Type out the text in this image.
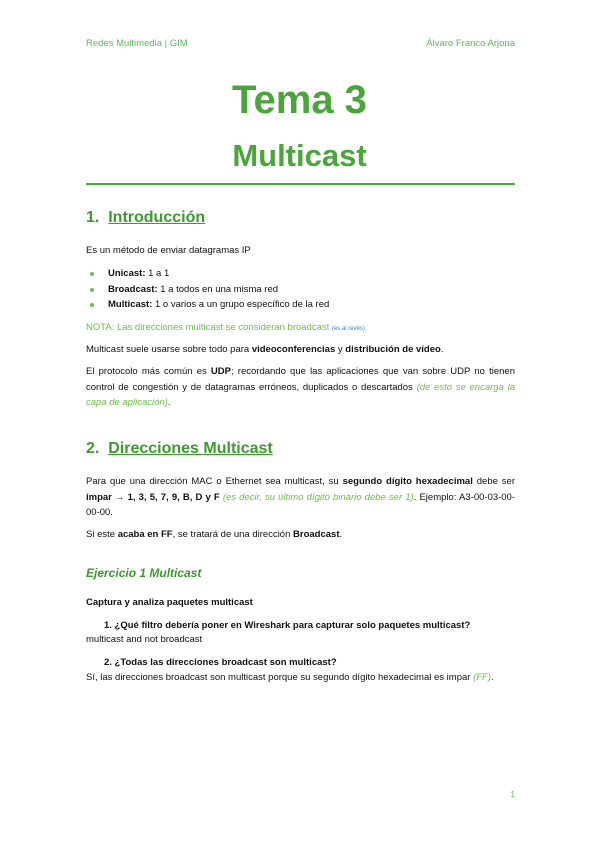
Redes Multimedia | GIM	Álvaro Franco Arjona
Tema 3
Multicast
1. Introducción
Es un método de enviar datagramas IP
Unicast: 1 a 1
Broadcast: 1 a todos en una misma red
Multicast: 1 o varios a un grupo específico de la red
NOTA: Las direcciones multicast se consideran broadcast (es al revés)
Multicast suele usarse sobre todo para videoconferencias y distribución de vídeo.
El protocolo más común es UDP; recordando que las aplicaciones que van sobre UDP no tienen control de congestión y de datagramas erróneos, duplicados o descartados (de esto se encarga la capa de aplicación).
2. Direcciones Multicast
Para que una dirección MAC o Ethernet sea multicast, su segundo dígito hexadecimal debe ser impar → 1, 3, 5, 7, 9, B, D y F (es decir, su último dígito binario debe ser 1). Ejemplo: A3-00-03-00-00-00.
Si este acaba en FF, se tratará de una dirección Broadcast.
Ejercicio 1 Multicast
Captura y analiza paquetes multicast
1. ¿Qué filtro debería poner en Wireshark para capturar solo paquetes multicast?
multicast and not broadcast
2. ¿Todas las direcciones broadcast son multicast?
Sí, las direcciones broadcast son multicast porque su segundo dígito hexadecimal es impar (FF).
1
